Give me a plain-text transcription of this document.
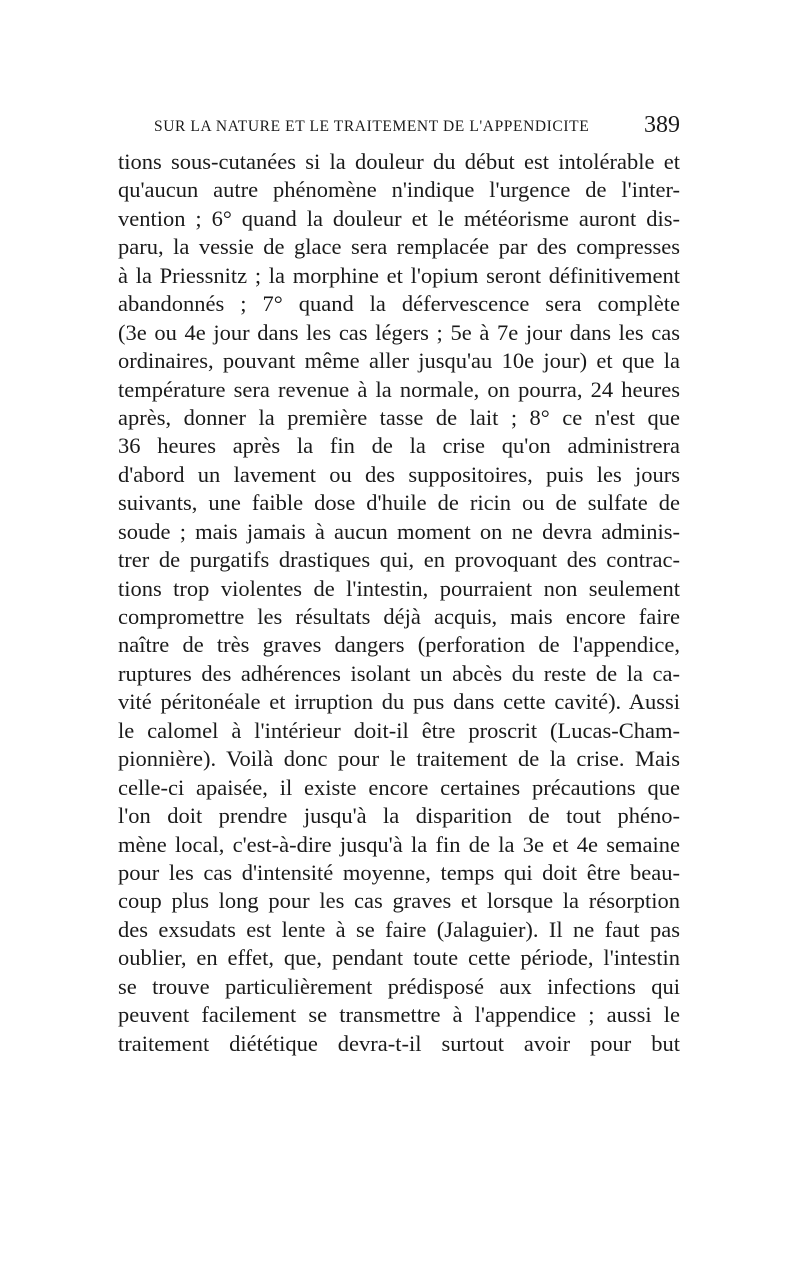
SUR LA NATURE ET LE TRAITEMENT DE L'APPENDICITE 389
tions sous-cutanées si la douleur du début est intolérable et
qu'aucun autre phénomène n'indique l'urgence de l'inter-
vention ; 6° quand la douleur et le météorisme auront dis-
paru, la vessie de glace sera remplacée par des compresses
à la Priessnitz ; la morphine et l'opium seront définitivement
abandonnés ; 7° quand la défervescence sera complète
(3e ou 4e jour dans les cas légers ; 5e à 7e jour dans les cas
ordinaires, pouvant même aller jusqu'au 10e jour) et que la
température sera revenue à la normale, on pourra, 24 heures
après, donner la première tasse de lait ; 8° ce n'est que
36 heures après la fin de la crise qu'on administrera
d'abord un lavement ou des suppositoires, puis les jours
suivants, une faible dose d'huile de ricin ou de sulfate de
soude ; mais jamais à aucun moment on ne devra adminis-
trer de purgatifs drastiques qui, en provoquant des contrac-
tions trop violentes de l'intestin, pourraient non seulement
compromettre les résultats déjà acquis, mais encore faire
naître de très graves dangers (perforation de l'appendice,
ruptures des adhérences isolant un abcès du reste de la ca-
vité péritonéale et irruption du pus dans cette cavité). Aussi
le calomel à l'intérieur doit-il être proscrit (Lucas-Cham-
pionnière). Voilà donc pour le traitement de la crise. Mais
celle-ci apaisée, il existe encore certaines précautions que
l'on doit prendre jusqu'à la disparition de tout phéno-
mène local, c'est-à-dire jusqu'à la fin de la 3e et 4e semaine
pour les cas d'intensité moyenne, temps qui doit être beau-
coup plus long pour les cas graves et lorsque la résorption
des exsudats est lente à se faire (Jalaguier). Il ne faut pas
oublier, en effet, que, pendant toute cette période, l'intestin
se trouve particulièrement prédisposé aux infections qui
peuvent facilement se transmettre à l'appendice ; aussi le
traitement diététique devra-t-il surtout avoir pour but
